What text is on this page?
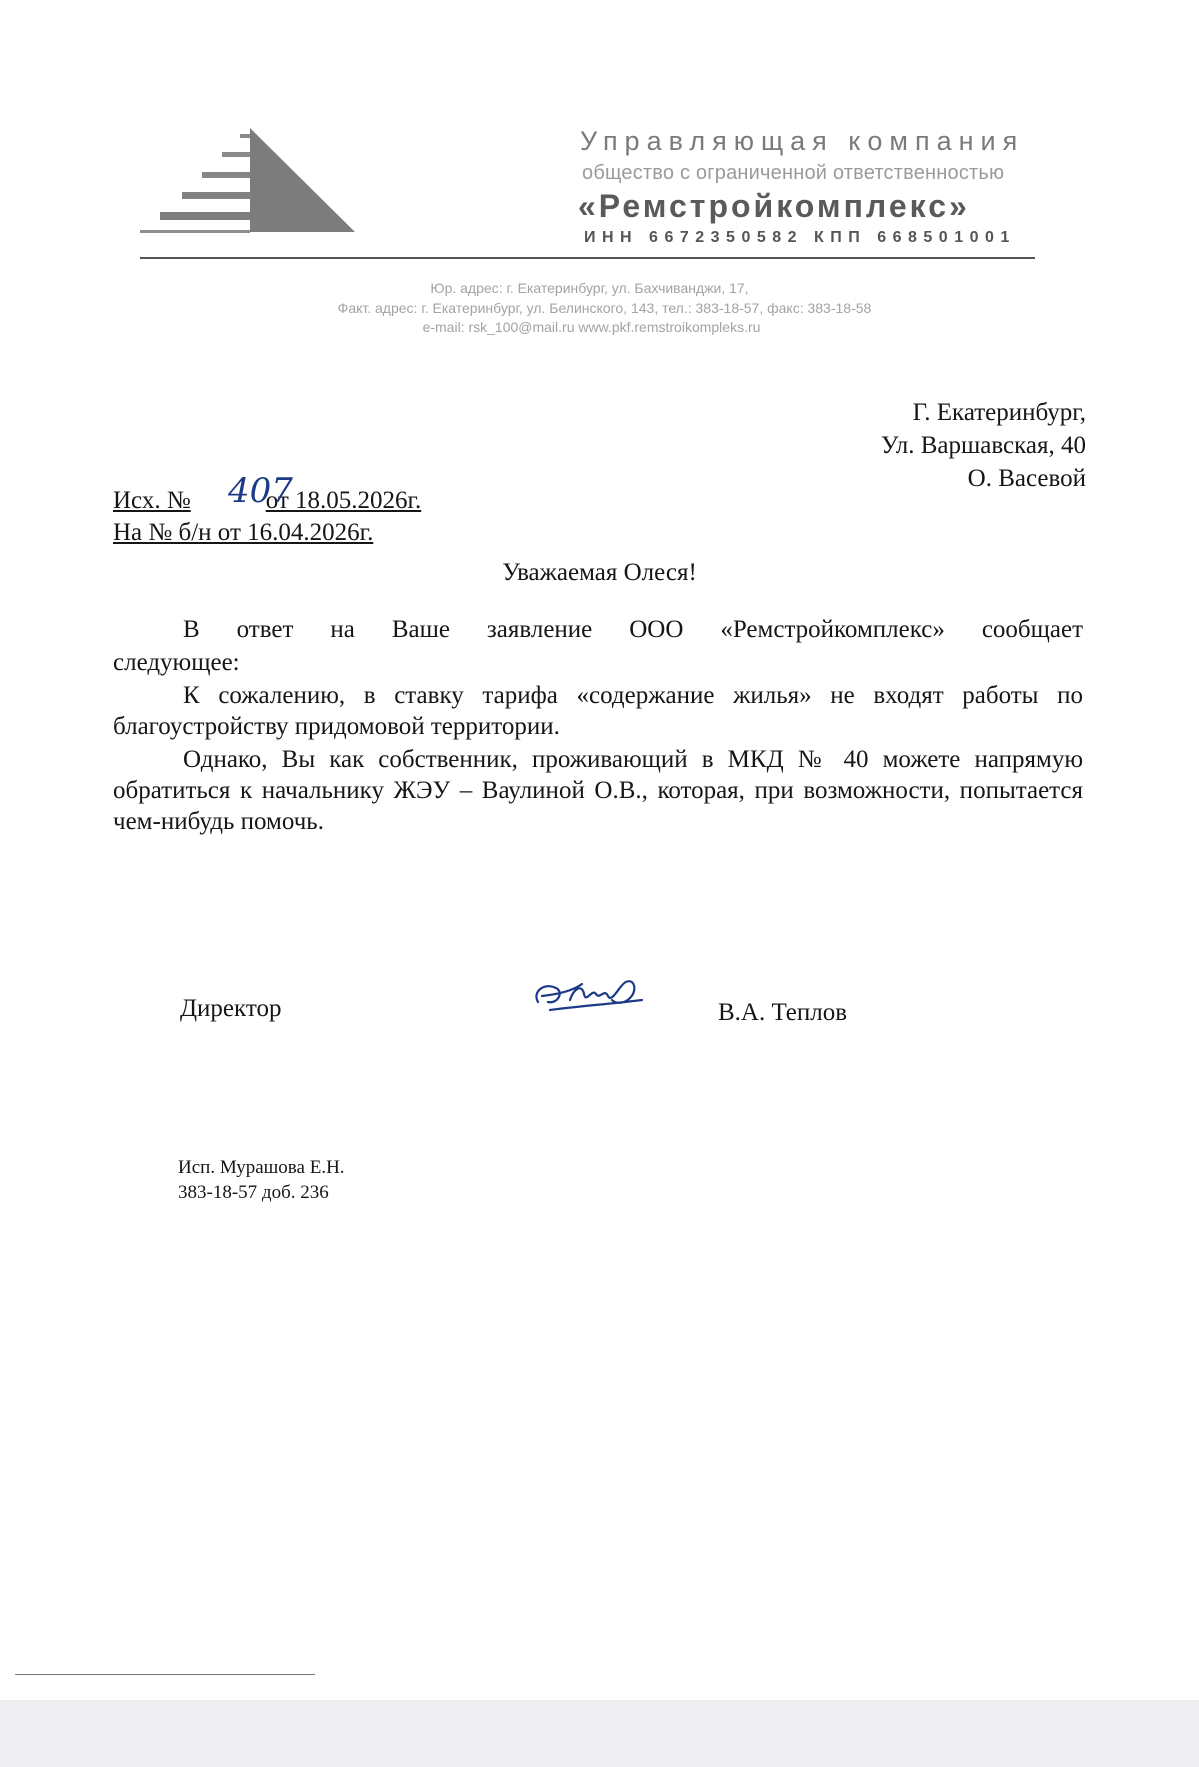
Управляющая компания
общество с ограниченной ответственностью
«Ремстройкомплекс»
ИНН 6672350582 КПП 668501001
Юр. адрес: г. Екатеринбург, ул. Бахчиванджи, 17,
Факт. адрес: г. Екатеринбург, ул. Белинского, 143, тел.: 383-18-57, факс: 383-18-58
e-mail: rsk_100@mail.ru www.pkf.remstroikompleks.ru
Г. Екатеринбург,
Ул. Варшавская, 40
О. Васевой
Исх. №	от 18.05.2026г.
407
На № б/н от 16.04.2026г.
Уважаемая Олеся!

В ответ на Ваше заявление ООО «Ремстройкомплекс» сообщает

следующее:

К сожалению, в ставку тарифа «содержание жилья» не входят работы по благоустройству придомовой территории.

Однако, Вы как собственник, проживающий в МКД № 40 можете напрямую обратиться к начальнику ЖЭУ – Ваулиной О.В., которая, при возможности, попытается чем-нибудь помочь.

Директор	В.А. Теплов
Исп. Мурашова Е.Н.
383-18-57 доб. 236
